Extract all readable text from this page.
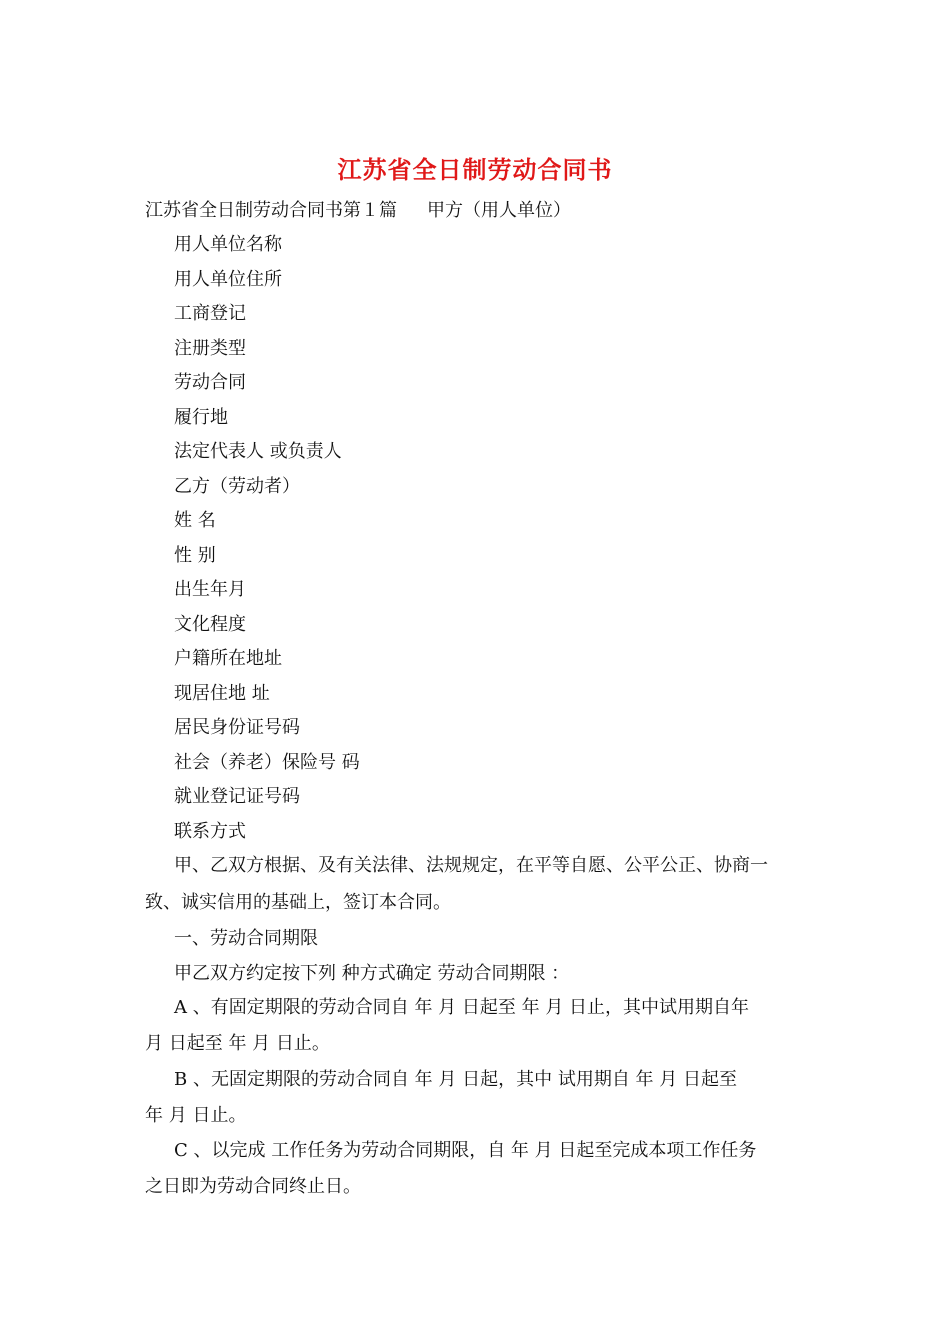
江苏省全日制劳动合同书
江苏省全日制劳动合同书第１篇 甲方（用人单位）
用人单位名称
用人单位住所
工商登记
注册类型
劳动合同
履行地
法定代表人 或负责人
乙方（劳动者）
姓 名
性 别
出生年月
文化程度
户籍所在地址
现居住地 址
居民身份证号码
社会（养老）保险号 码
就业登记证号码
联系方式
甲、乙双方根据、及有关法律、法规规定，在平等自愿、公平公正、协商一
致、诚实信用的基础上，签订本合同。
一、劳动合同期限
甲乙双方约定按下列 种方式确定 劳动合同期限 ：
A 、有固定期限的劳动合同自 年 月 日起至 年 月 日止，其中试用期自年
月 日起至 年 月 日止。
B 、无固定期限的劳动合同自 年 月 日起，其中 试用期自 年 月 日起至
年 月 日止。
C 、以完成 工作任务为劳动合同期限，自 年 月 日起至完成本项工作任务
之日即为劳动合同终止日。
